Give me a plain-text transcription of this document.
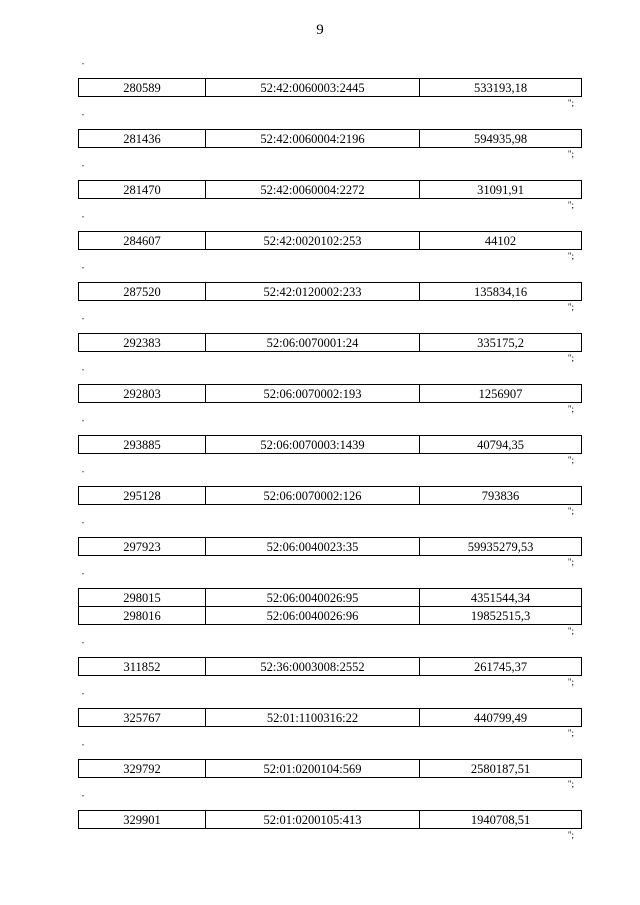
9
"
280589	52:42:0060003:2445	533193,18
";
"
281436	52:42:0060004:2196	594935,98
";
"
281470	52:42:0060004:2272	31091,91
";
"
284607	52:42:0020102:253	44102
";
"
287520	52:42:0120002:233	135834,16
";
"
292383	52:06:0070001:24	335175,2
";
"
292803	52:06:0070002:193	1256907
";
"
293885	52:06:0070003:1439	40794,35
";
"
295128	52:06:0070002:126	793836
";
"
297923	52:06:0040023:35	59935279,53
";
"
298015	52:06:0040026:95	4351544,34
298016	52:06:0040026:96	19852515,3
";
"
311852	52:36:0003008:2552	261745,37
";
"
325767	52:01:1100316:22	440799,49
";
"
329792	52:01:0200104:569	2580187,51
";
"
329901	52:01:0200105:413	1940708,51
";
